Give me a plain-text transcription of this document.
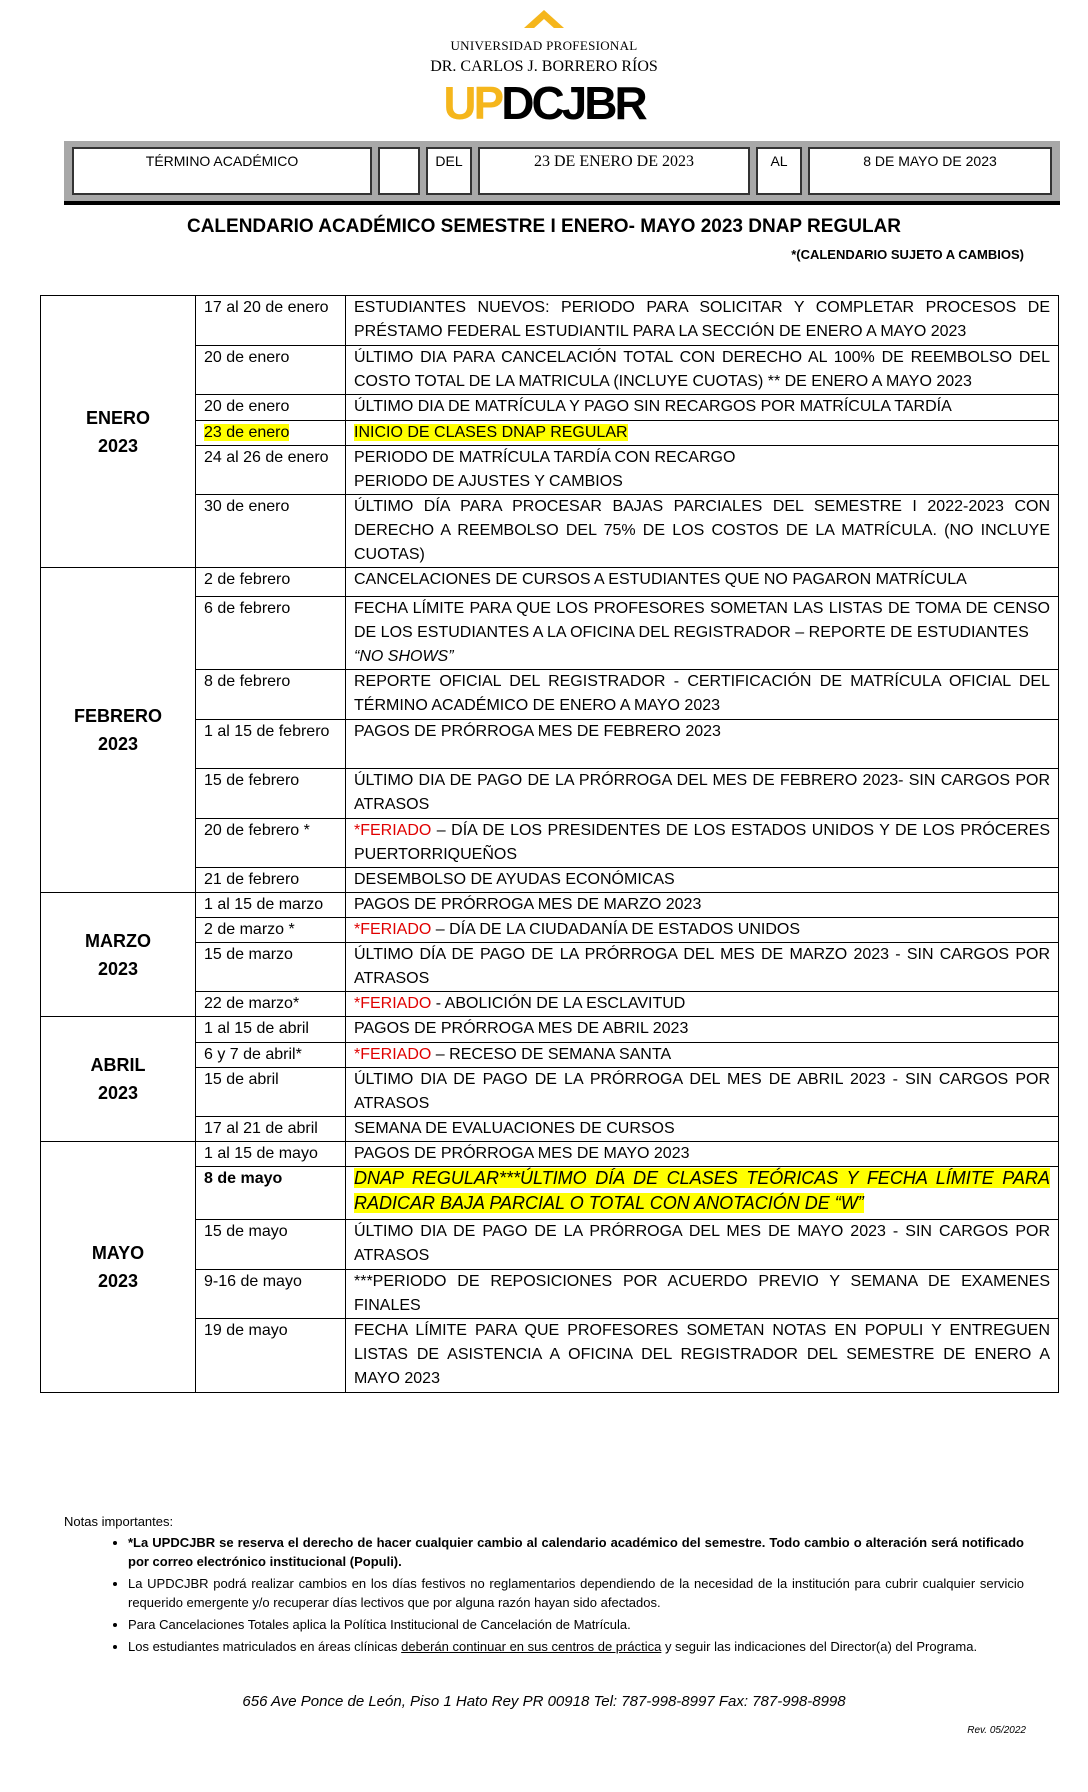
UNIVERSIDAD PROFESIONAL
DR. CARLOS J. BORRERO RÍOS
UPDCJBR
TÉRMINO ACADÉMICO	DEL	23 DE ENERO DE 2023	AL	8 DE MAYO DE 2023
CALENDARIO ACADÉMICO SEMESTRE I ENERO- MAYO 2023 DNAP REGULAR
*(CALENDARIO SUJETO A CAMBIOS)
ENERO
2023	17 al 20 de enero	ESTUDIANTES NUEVOS: PERIODO PARA SOLICITAR Y COMPLETAR PROCESOS DE PRÉSTAMO FEDERAL ESTUDIANTIL PARA LA SECCIÓN DE ENERO A MAYO 2023
	20 de enero	ÚLTIMO DIA PARA CANCELACIÓN TOTAL CON DERECHO AL 100% DE REEMBOLSO DEL COSTO TOTAL DE LA MATRICULA (INCLUYE CUOTAS) ** DE ENERO A MAYO 2023
	20 de enero	ÚLTIMO DIA DE MATRÍCULA Y PAGO SIN RECARGOS POR MATRÍCULA TARDÍA
	23 de enero	INICIO DE CLASES DNAP REGULAR
	24 al 26 de enero	PERIODO DE MATRÍCULA TARDÍA CON RECARGO
PERIODO DE AJUSTES Y CAMBIOS
	30 de enero	ÚLTIMO DÍA PARA PROCESAR BAJAS PARCIALES DEL SEMESTRE I 2022-2023 CON DERECHO A REEMBOLSO DEL 75% DE LOS COSTOS DE LA MATRÍCULA. (NO INCLUYE CUOTAS)

FEBRERO
2023	2 de febrero	CANCELACIONES DE CURSOS A ESTUDIANTES QUE NO PAGARON MATRÍCULA
	6 de febrero	FECHA LÍMITE PARA QUE LOS PROFESORES SOMETAN LAS LISTAS DE TOMA DE CENSO DE LOS ESTUDIANTES A LA OFICINA DEL REGISTRADOR – REPORTE DE ESTUDIANTES
“NO SHOWS”
	8 de febrero	REPORTE OFICIAL DEL REGISTRADOR - CERTIFICACIÓN DE MATRÍCULA OFICIAL DEL TÉRMINO ACADÉMICO DE ENERO A MAYO 2023
	1 al 15 de febrero	PAGOS DE PRÓRROGA MES DE FEBRERO 2023
	15 de febrero	ÚLTIMO DIA DE PAGO DE LA PRÓRROGA DEL MES DE FEBRERO 2023- SIN CARGOS POR ATRASOS
	20 de febrero *	*FERIADO – DÍA DE LOS PRESIDENTES DE LOS ESTADOS UNIDOS Y DE LOS PRÓCERES PUERTORRIQUEÑOS
	21 de febrero	DESEMBOLSO DE AYUDAS ECONÓMICAS

MARZO
2023	1 al 15 de marzo	PAGOS DE PRÓRROGA MES DE MARZO 2023
	2 de marzo *	*FERIADO – DÍA DE LA CIUDADANÍA DE ESTADOS UNIDOS
	15 de marzo	ÚLTIMO DÍA DE PAGO DE LA PRÓRROGA DEL MES DE MARZO 2023 - SIN CARGOS POR ATRASOS
	22 de marzo*	*FERIADO - ABOLICIÓN DE LA ESCLAVITUD

ABRIL
2023	1 al 15 de abril	PAGOS DE PRÓRROGA MES DE ABRIL 2023
	6 y 7 de abril*	*FERIADO – RECESO DE SEMANA SANTA
	15 de abril	ÚLTIMO DIA DE PAGO DE LA PRÓRROGA DEL MES DE ABRIL 2023 - SIN CARGOS POR ATRASOS
	17 al 21 de abril	SEMANA DE EVALUACIONES DE CURSOS

MAYO
2023	1 al 15 de mayo	PAGOS DE PRÓRROGA MES DE MAYO 2023
	8 de mayo	DNAP REGULAR***ÚLTIMO DÍA DE CLASES TEÓRICAS Y FECHA LÍMITE PARA RADICAR BAJA PARCIAL O TOTAL CON ANOTACIÓN DE “W”
	15 de mayo	ÚLTIMO DIA DE PAGO DE LA PRÓRROGA DEL MES DE MAYO 2023 - SIN CARGOS POR ATRASOS
	9-16 de mayo	***PERIODO DE REPOSICIONES POR ACUERDO PREVIO Y SEMANA DE EXAMENES FINALES
	19 de mayo	FECHA LÍMITE PARA QUE PROFESORES SOMETAN NOTAS EN POPULI Y ENTREGUEN LISTAS DE ASISTENCIA A OFICINA DEL REGISTRADOR DEL SEMESTRE DE ENERO A MAYO 2023
Notas importantes:
• *La UPDCJBR se reserva el derecho de hacer cualquier cambio al calendario académico del semestre. Todo cambio o alteración será notificado por correo electrónico institucional (Populi).
• La UPDCJBR podrá realizar cambios en los días festivos no reglamentarios dependiendo de la necesidad de la institución para cubrir cualquier servicio requerido emergente y/o recuperar días lectivos que por alguna razón hayan sido afectados.
• Para Cancelaciones Totales aplica la Política Institucional de Cancelación de Matrícula.
• Los estudiantes matriculados en áreas clínicas deberán continuar en sus centros de práctica y seguir las indicaciones del Director(a) del Programa.
656 Ave Ponce de León, Piso 1 Hato Rey PR 00918 Tel: 787-998-8997 Fax: 787-998-8998
Rev. 05/2022
